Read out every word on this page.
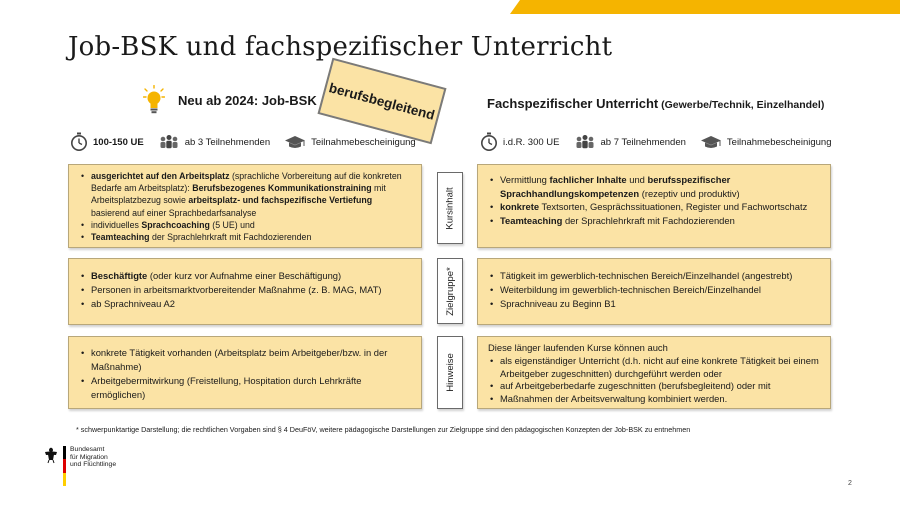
Job-BSK und fachspezifischer Unterricht
Neu ab 2024: Job-BSK berufsbegleitend	Fachspezifischer Unterricht (Gewerbe/Technik, Einzelhandel)
100-150 UE	ab 3 Teilnehmenden	Teilnahmebescheinigung	i.d.R. 300 UE	ab 7 Teilnehmenden	Teilnahmebescheinigung
• ausgerichtet auf den Arbeitsplatz (sprachliche Vorbereitung auf die konkreten Bedarfe am Arbeitsplatz): Berufsbezogenes Kommunikationstraining mit Arbeitsplatzbezug sowie arbeitsplatz- und fachspezifische Vertiefung basierend auf einer Sprachbedarfsanalyse
• individuelles Sprachcoaching (5 UE) und
• Teamteaching der Sprachlehrkraft mit Fachdozierenden
Kursinhalt
• Vermittlung fachlicher Inhalte und berufsspezifischer Sprachhandlungskompetenzen (rezeptiv und produktiv)
• konkrete Textsorten, Gesprächssituationen, Register und Fachwortschatz
• Teamteaching der Sprachlehrkraft mit Fachdozierenden
• Beschäftigte (oder kurz vor Aufnahme einer Beschäftigung)
• Personen in arbeitsmarktvorbereitender Maßnahme (z. B. MAG, MAT)
• ab Sprachniveau A2	Zielgruppe*
•	Tätigkeit im gewerblich-technischen Bereich/Einzelhandel (angestrebt)
• Weiterbildung im gewerblich-technischen Bereich/Einzelhandel
• Sprachniveau zu Beginn B1
• konkrete Tätigkeit vorhanden (Arbeitsplatz beim Arbeitgeber/bzw. in der Maßnahme)
• Arbeitgebermitwirkung (Freistellung, Hospitation durch Lehrkräfte ermöglichen)
Hinweise

Diese länger laufenden Kurse können auch

• als eigenständiger Unterricht (d.h. nicht auf eine konkrete Tätigkeit bei einem Arbeitgeber zugeschnitten) durchgeführt werden oder
• auf Arbeitgeberbedarfe zugeschnitten (berufsbegleitend) oder mit
• Maßnahmen der Arbeitsverwaltung kombiniert werden.
* schwerpunktartige Darstellung; die rechtlichen Vorgaben sind § 4 DeuFöV, weitere pädagogische Darstellungen zur Zielgruppe sind den pädagogischen Konzepten der Job-BSK zu entnehmen
Bundesamt
für Migration
und Flüchtlinge
2
